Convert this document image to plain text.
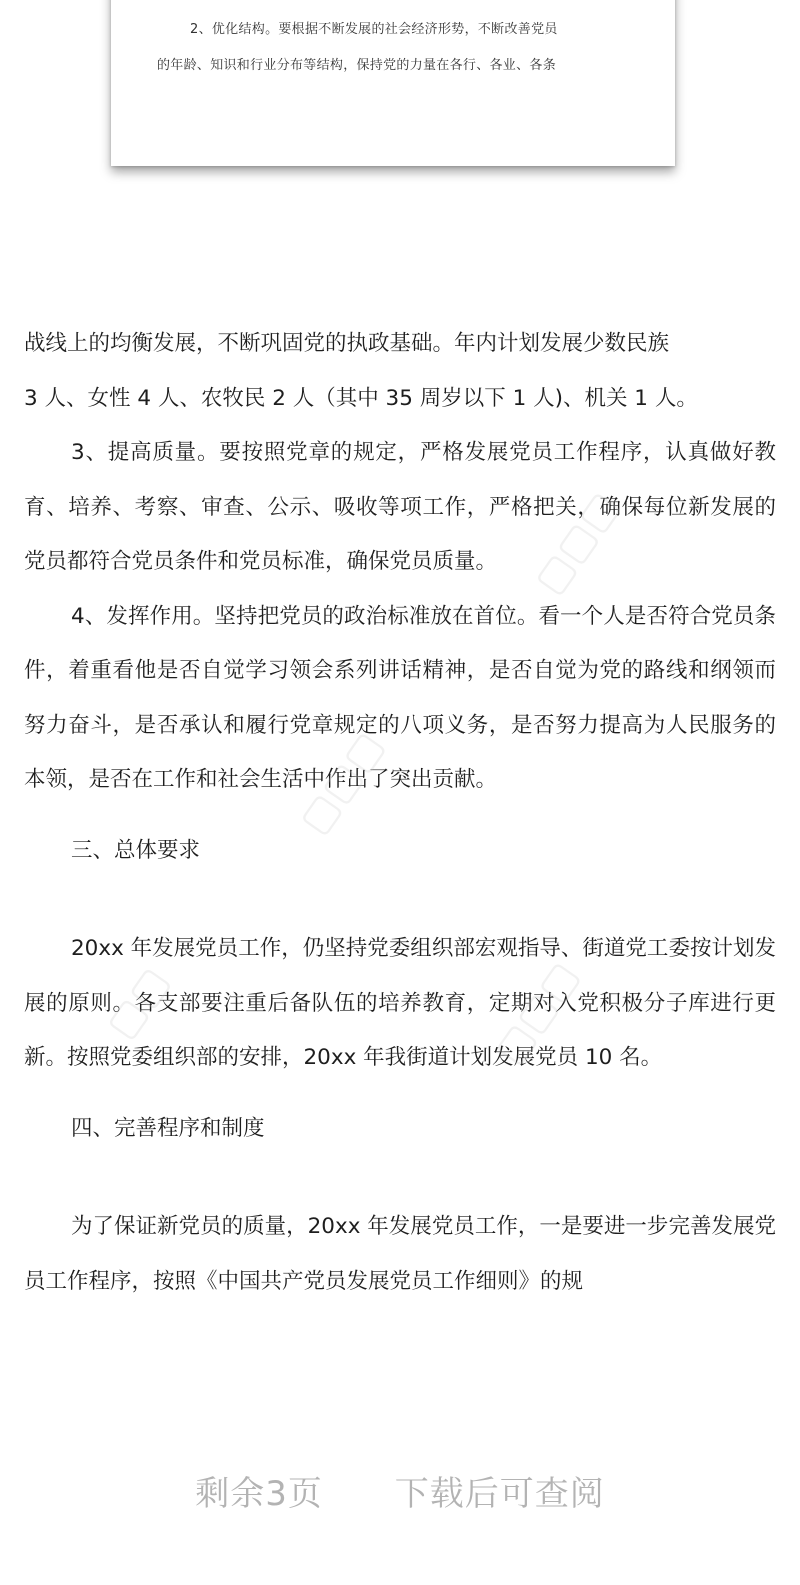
2、优化结构。要根据不断发展的社会经济形势，不断改善党员
的年龄、知识和行业分布等结构，保持党的力量在各行、各业、各条

战线上的均衡发展，不断巩固党的执政基础。年内计划发展少数民族

3 人、女性 4 人、农牧民 2 人（其中 35 周岁以下 1 人)、机关 1 人。

3、提高质量。要按照党章的规定，严格发展党员工作程序，认真做好教育、培养、考察、审查、公示、吸收等项工作，严格把关，确保每位新发展的党员都符合党员条件和党员标准，确保党员质量。

4、发挥作用。坚持把党员的政治标准放在首位。看一个人是否符合党员条件，着重看他是否自觉学习领会系列讲话精神，是否自觉为党的路线和纲领而努力奋斗，是否承认和履行党章规定的八项义务，是否努力提高为人民服务的本领，是否在工作和社会生活中作出了突出贡献。

三、总体要求

20xx 年发展党员工作，仍坚持党委组织部宏观指导、街道党工委按计划发展的原则。各支部要注重后备队伍的培养教育，定期对入党积极分子库进行更新。按照党委组织部的安排，20xx 年我街道计划发展党员 10 名。

四、完善程序和制度

为了保证新党员的质量，20xx 年发展党员工作，一是要进一步完善发展党员工作程序，按照《中国共产党员发展党员工作细则》的规

▢▢▢
▢▢▢
▢▢	▢▢▢
剩余3页 下载后可查阅
